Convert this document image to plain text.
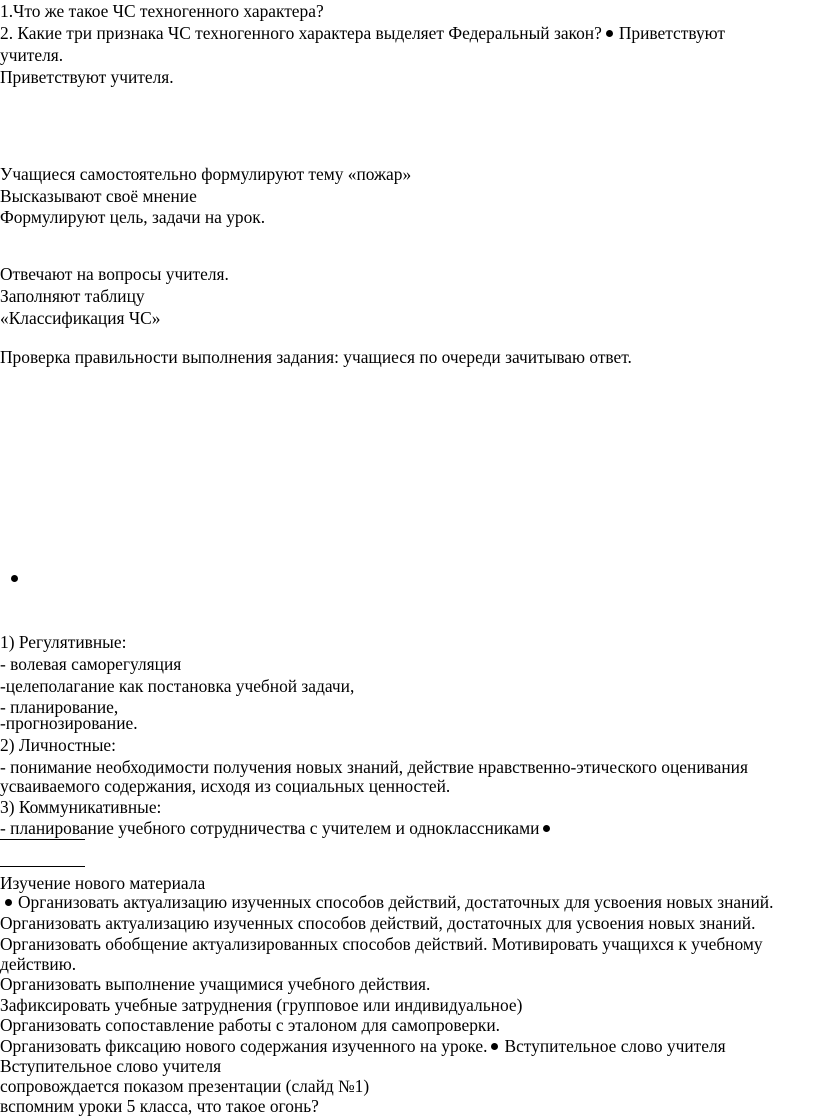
1.Что же такое ЧС техногенного характера?
2. Какие три признака ЧС техногенного характера выделяет Федеральный закон? Приветствуют
учителя.
Приветствуют учителя.
Учащиеся самостоятельно формулируют тему «пожар»
Высказывают своё мнение
Формулируют цель, задачи на урок.
Отвечают на вопросы учителя.
Заполняют таблицу
«Классификация ЧС»
Проверка правильности выполнения задания: учащиеся по очереди зачитываю ответ.
1) Регулятивные:
- волевая саморегуляция
-целеполагание как постановка учебной задачи,
- планирование,
-прогнозирование.
2) Личностные:
- понимание необходимости получения новых знаний, действие нравственно-этического оценивания
усваиваемого содержания, исходя из социальных ценностей.
3) Коммуникативные:
- планирование учебного сотрудничества с учителем и одноклассниками
Изучение нового материала
Организовать актуализацию изученных способов действий, достаточных для усвоения новых знаний.
Организовать актуализацию изученных способов действий, достаточных для усвоения новых знаний.
Организовать обобщение актуализированных способов действий. Мотивировать учащихся к учебному
действию.
Организовать выполнение учащимися учебного действия.
Зафиксировать учебные затруднения (групповое или индивидуальное)
Организовать сопоставление работы с эталоном для самопроверки.
Организовать фиксацию нового содержания изученного на уроке. Вступительное слово учителя
Вступительное слово учителя
сопровождается показом презентации (слайд №1)
вспомним уроки 5 класса, что такое огонь?
